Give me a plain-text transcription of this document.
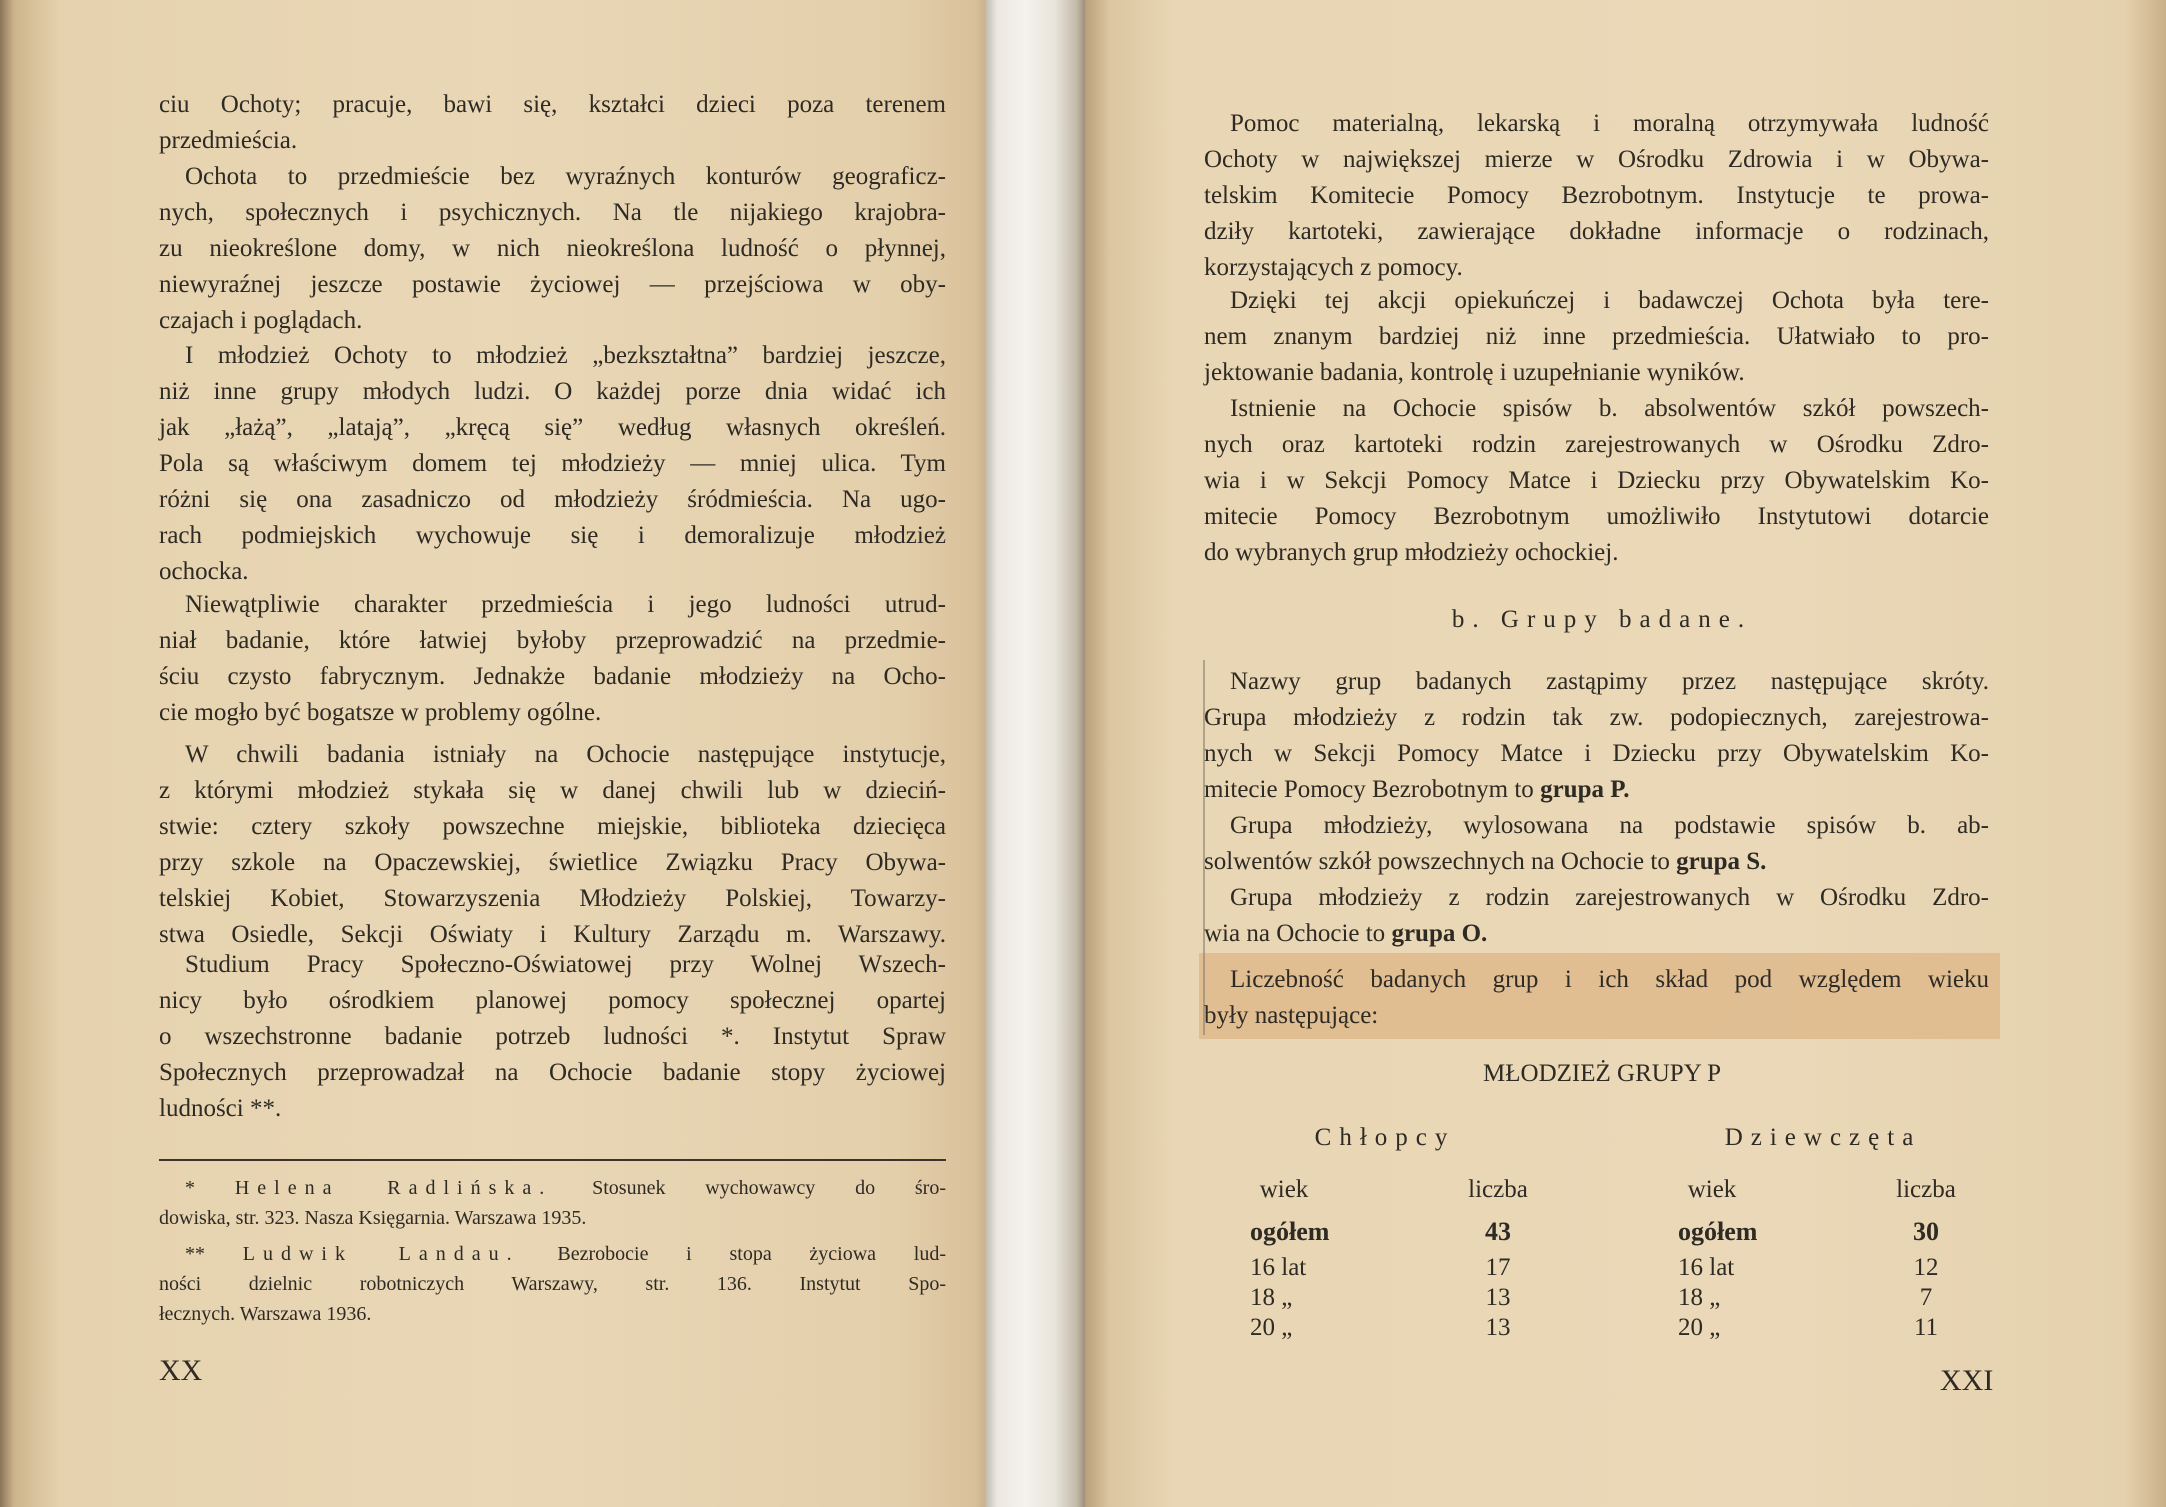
ciu Ochoty; pracuje, bawi się, kształci dzieci poza terenem
przedmieścia.
Ochota to przedmieście bez wyraźnych konturów geograficz-
nych, społecznych i psychicznych. Na tle nijakiego krajobra-
zu nieokreślone domy, w nich nieokreślona ludność o płynnej,
niewyraźnej jeszcze postawie życiowej — przejściowa w oby-
czajach i poglądach.
I młodzież Ochoty to młodzież „bezkształtna” bardziej jeszcze,
niż inne grupy młodych ludzi. O każdej porze dnia widać ich
jak „łażą”, „latają”, „kręcą się” według własnych określeń.
Pola są właściwym domem tej młodzieży — mniej ulica. Tym
różni się ona zasadniczo od młodzieży śródmieścia. Na ugo-
rach podmiejskich wychowuje się i demoralizuje młodzież
ochocka.
Niewątpliwie charakter przedmieścia i jego ludności utrud-
niał badanie, które łatwiej byłoby przeprowadzić na przedmie-
ściu czysto fabrycznym. Jednakże badanie młodzieży na Ocho-
cie mogło być bogatsze w problemy ogólne.
W chwili badania istniały na Ochocie następujące instytucje,
z którymi młodzież stykała się w danej chwili lub w dzieciń-
stwie: cztery szkoły powszechne miejskie, biblioteka dziecięca
przy szkole na Opaczewskiej, świetlice Związku Pracy Obywa-
telskiej Kobiet, Stowarzyszenia Młodzieży Polskiej, Towarzy-
stwa Osiedle, Sekcji Oświaty i Kultury Zarządu m. Warszawy.
Studium Pracy Społeczno-Oświatowej przy Wolnej Wszech-
nicy było ośrodkiem planowej pomocy społecznej opartej
o wszechstronne badanie potrzeb ludności *. Instytut Spraw
Społecznych przeprowadzał na Ochocie badanie stopy życiowej
ludności **.
* Helena Radlińska. Stosunek wychowawcy do śro-
dowiska, str. 323. Nasza Księgarnia. Warszawa 1935.
** Ludwik Landau. Bezrobocie i stopa życiowa lud-
ności dzielnic robotniczych Warszawy, str. 136. Instytut Spo-
łecznych. Warszawa 1936.
XX
Pomoc materialną, lekarską i moralną otrzymywała ludność
Ochoty w największej mierze w Ośrodku Zdrowia i w Obywa-
telskim Komitecie Pomocy Bezrobotnym. Instytucje te prowa-
dziły kartoteki, zawierające dokładne informacje o rodzinach,
korzystających z pomocy.
Dzięki tej akcji opiekuńczej i badawczej Ochota była tere-
nem znanym bardziej niż inne przedmieścia. Ułatwiało to pro-
jektowanie badania, kontrolę i uzupełnianie wyników.
Istnienie na Ochocie spisów b. absolwentów szkół powszech-
nych oraz kartoteki rodzin zarejestrowanych w Ośrodku Zdro-
wia i w Sekcji Pomocy Matce i Dziecku przy Obywatelskim Ko-
mitecie Pomocy Bezrobotnym umożliwiło Instytutowi dotarcie
do wybranych grup młodzieży ochockiej.
b. Grupy badane.
Nazwy grup badanych zastąpimy przez następujące skróty.
Grupa młodzieży z rodzin tak zw. podopiecznych, zarejestrowa-
nych w Sekcji Pomocy Matce i Dziecku przy Obywatelskim Ko-
mitecie Pomocy Bezrobotnym to grupa P.
Grupa młodzieży, wylosowana na podstawie spisów b. ab-
solwentów szkół powszechnych na Ochocie to grupa S.
Grupa młodzieży z rodzin zarejestrowanych w Ośrodku Zdro-
wia na Ochocie to grupa O.
Liczebność badanych grup i ich skład pod względem wieku
były następujące:
MŁODZIEŻ GRUPY P
Chłopcy	Dziewczęta
wiek	liczba	wiek	liczba
ogółem	43	ogółem	30
16 lat	17	16 lat	12
18 „	13	18 „	7
20 „	13	20 „	11
XXI
